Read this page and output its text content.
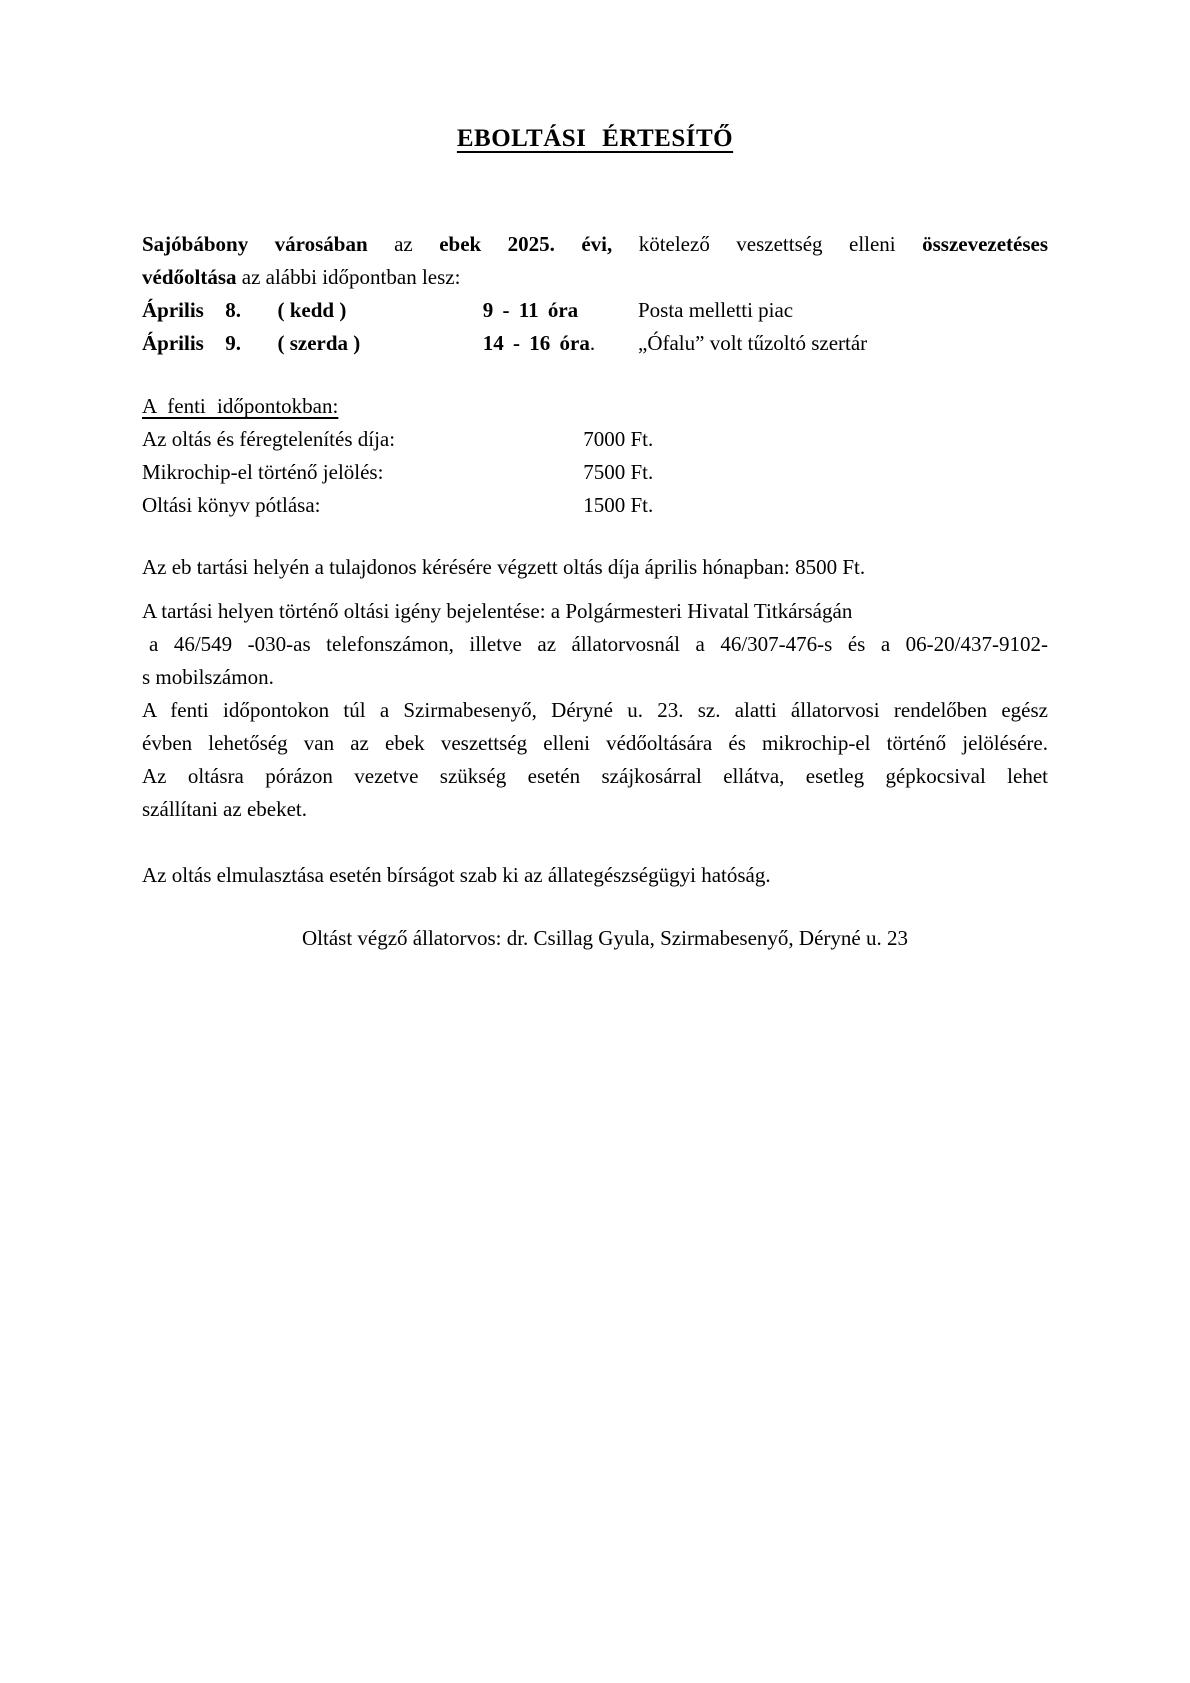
EBOLTÁSI ÉRTESÍTŐ
Sajóbábony városában az ebek 2025. évi, kötelező veszettség elleni összevezetéses
védőoltása az alábbi időpontban lesz:
Április 8. ( kedd )	9 - 11 óra	Posta melletti piac
Április 9. ( szerda )	14 - 16 óra. „Ófalu” volt tűzoltó szertár
A fenti időpontokban:
Az oltás és féregtelenítés díja:	7000 Ft.
Mikrochip-el történő jelölés:	7500 Ft.
Oltási könyv pótlása:	1500 Ft.
Az eb tartási helyén a tulajdonos kérésére végzett oltás díja április hónapban: 8500 Ft.
A tartási helyen történő oltási igény bejelentése: a Polgármesteri Hivatal Titkárságán
a 46/549 -030-as telefonszámon, illetve az állatorvosnál a 46/307-476-s és a 06-20/437-9102-
s mobilszámon.
A fenti időpontokon túl a Szirmabesenyő, Déryné u. 23. sz. alatti állatorvosi rendelőben egész
évben lehetőség van az ebek veszettség elleni védőoltására és mikrochip-el történő jelölésére.
Az oltásra pórázon vezetve szükség esetén szájkosárral ellátva, esetleg gépkocsival lehet
szállítani az ebeket.
Az oltás elmulasztása esetén bírságot szab ki az állategészségügyi hatóság.
Oltást végző állatorvos: dr. Csillag Gyula, Szirmabesenyő, Déryné u. 23
